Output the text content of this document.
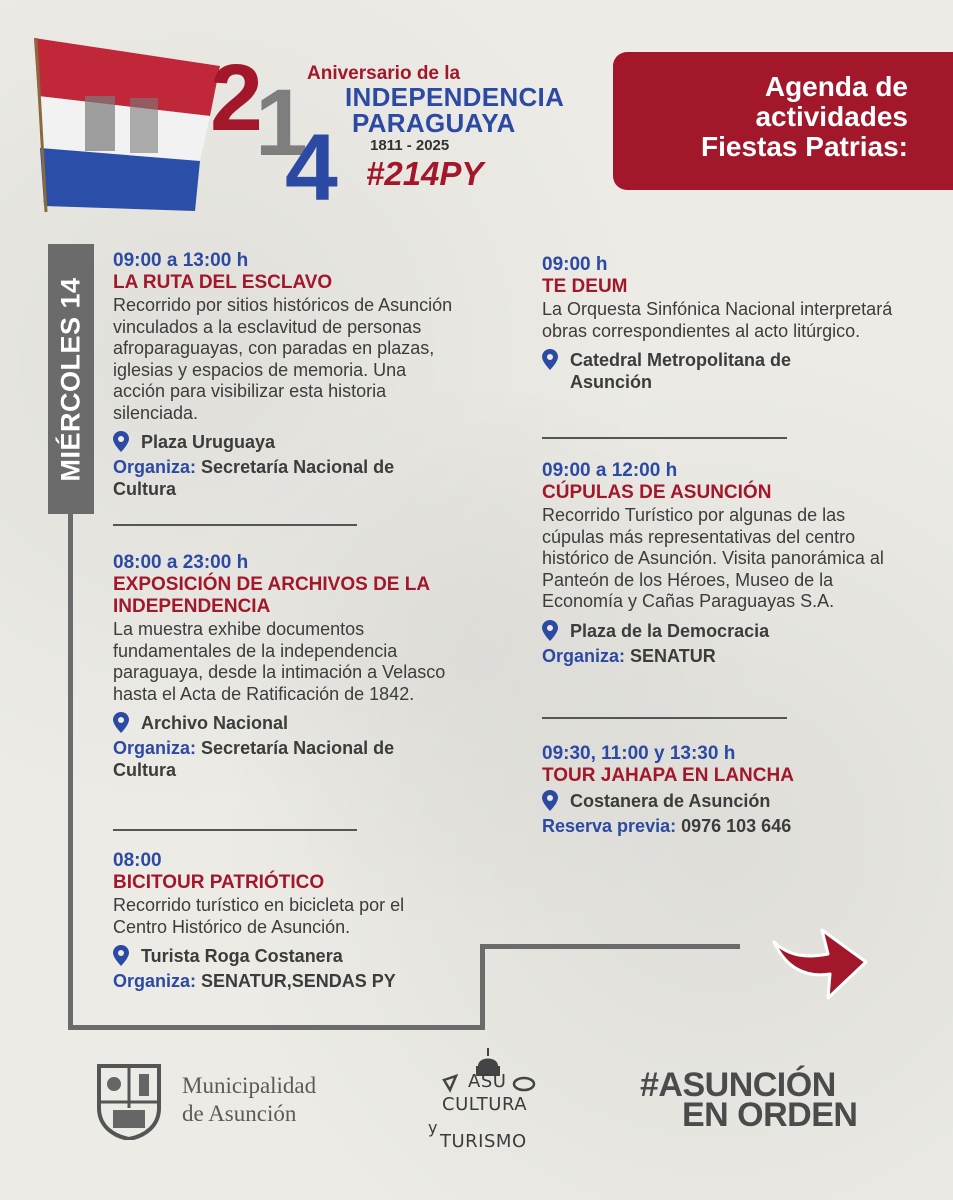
2
1
4
Aniversario de la
INDEPENDENCIA
PARAGUAYA
1811 - 2025
#214PY
Agenda de
actividades
Fiestas Patrias:
MIÉRCOLES 14
09:00 a 13:00 h
LA RUTA DEL ESCLAVO
Recorrido por sitios históricos de Asunción vinculados a la esclavitud de personas afroparaguayas, con paradas en plazas, iglesias y espacios de memoria. Una acción para visibilizar esta historia silenciada.
Plaza Uruguaya
Organiza: Secretaría Nacional de Cultura
08:00 a 23:00 h
EXPOSICIÓN DE ARCHIVOS DE LA INDEPENDENCIA
La muestra exhibe documentos fundamentales de la independencia paraguaya, desde la intimación a Velasco hasta el Acta de Ratificación de 1842.
Archivo Nacional
Organiza: Secretaría Nacional de Cultura
08:00
BICITOUR PATRIÓTICO
Recorrido turístico en bicicleta por el Centro Histórico de Asunción.
Turista Roga Costanera
Organiza: SENATUR,SENDAS PY
09:00 h
TE DEUM
La Orquesta Sinfónica Nacional interpretará obras correspondientes al acto litúrgico.
Catedral Metropolitana de Asunción
09:00 a 12:00 h
CÚPULAS DE ASUNCIÓN
Recorrido Turístico por algunas de las cúpulas más representativas del centro histórico de Asunción. Visita panorámica al Panteón de los Héroes, Museo de la Economía y Cañas Paraguayas S.A.
Plaza de la Democracia
Organiza: SENATUR
09:30, 11:00 y 13:30 h
TOUR JAHAPA EN LANCHA
Costanera de Asunción
Reserva previa: 0976 103 646
Municipalidad
de Asunción
ASU
CULTURA
y
TURISMO
#ASUNCIÓN
EN ORDEN
